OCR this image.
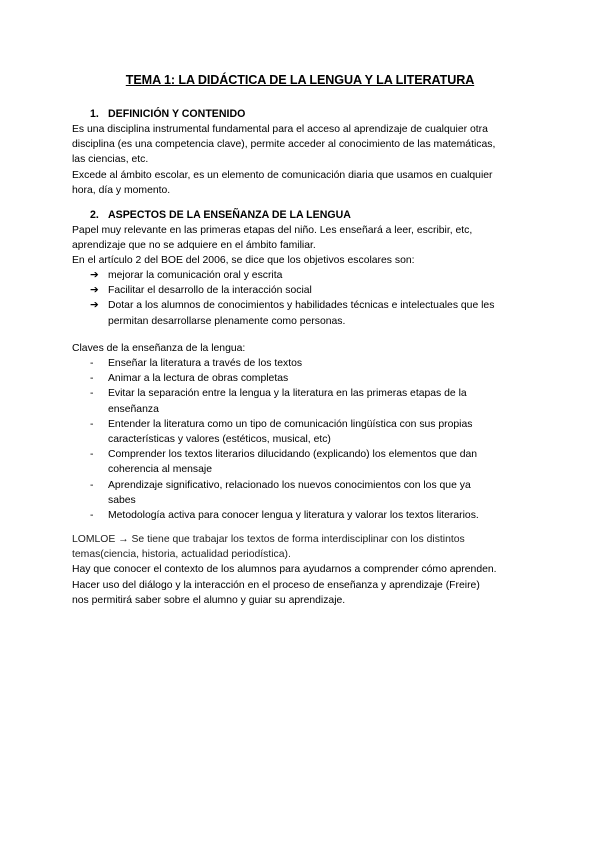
TEMA 1: LA DIDÁCTICA DE LA LENGUA Y LA LITERATURA
1. DEFINICIÓN Y CONTENIDO

Es una disciplina instrumental fundamental para el acceso al aprendizaje de cualquier otra
disciplina (es una competencia clave), permite acceder al conocimiento de las matemáticas,
las ciencias, etc.
Excede al ámbito escolar, es un elemento de comunicación diaria que usamos en cualquier
hora, día y momento.

2. ASPECTOS DE LA ENSEÑANZA DE LA LENGUA

Papel muy relevante en las primeras etapas del niño. Les enseñará a leer, escribir, etc,
aprendizaje que no se adquiere en el ámbito familiar.
En el artículo 2 del BOE del 2006, se dice que los objetivos escolares son:

➔ mejorar la comunicación oral y escrita
➔ Facilitar el desarrollo de la interacción social
➔ Dotar a los alumnos de conocimientos y habilidades técnicas e intelectuales que les
permitan desarrollarse plenamente como personas.

Claves de la enseñanza de la lengua:

- Enseñar la literatura a través de los textos
- Animar a la lectura de obras completas
- Evitar la separación entre la lengua y la literatura en las primeras etapas de la
enseñanza
- Entender la literatura como un tipo de comunicación lingüística con sus propias
características y valores (estéticos, musical, etc)
- Comprender los textos literarios dilucidando (explicando) los elementos que dan
coherencia al mensaje
- Aprendizaje significativo, relacionado los nuevos conocimientos con los que ya
sabes
- Metodología activa para conocer lengua y literatura y valorar los textos literarios.

LOMLOE → Se tiene que trabajar los textos de forma interdisciplinar con los distintos
temas(ciencia, historia, actualidad periodística).
Hay que conocer el contexto de los alumnos para ayudarnos a comprender cómo aprenden.
Hacer uso del diálogo y la interacción en el proceso de enseñanza y aprendizaje (Freire)
nos permitirá saber sobre el alumno y guiar su aprendizaje.
